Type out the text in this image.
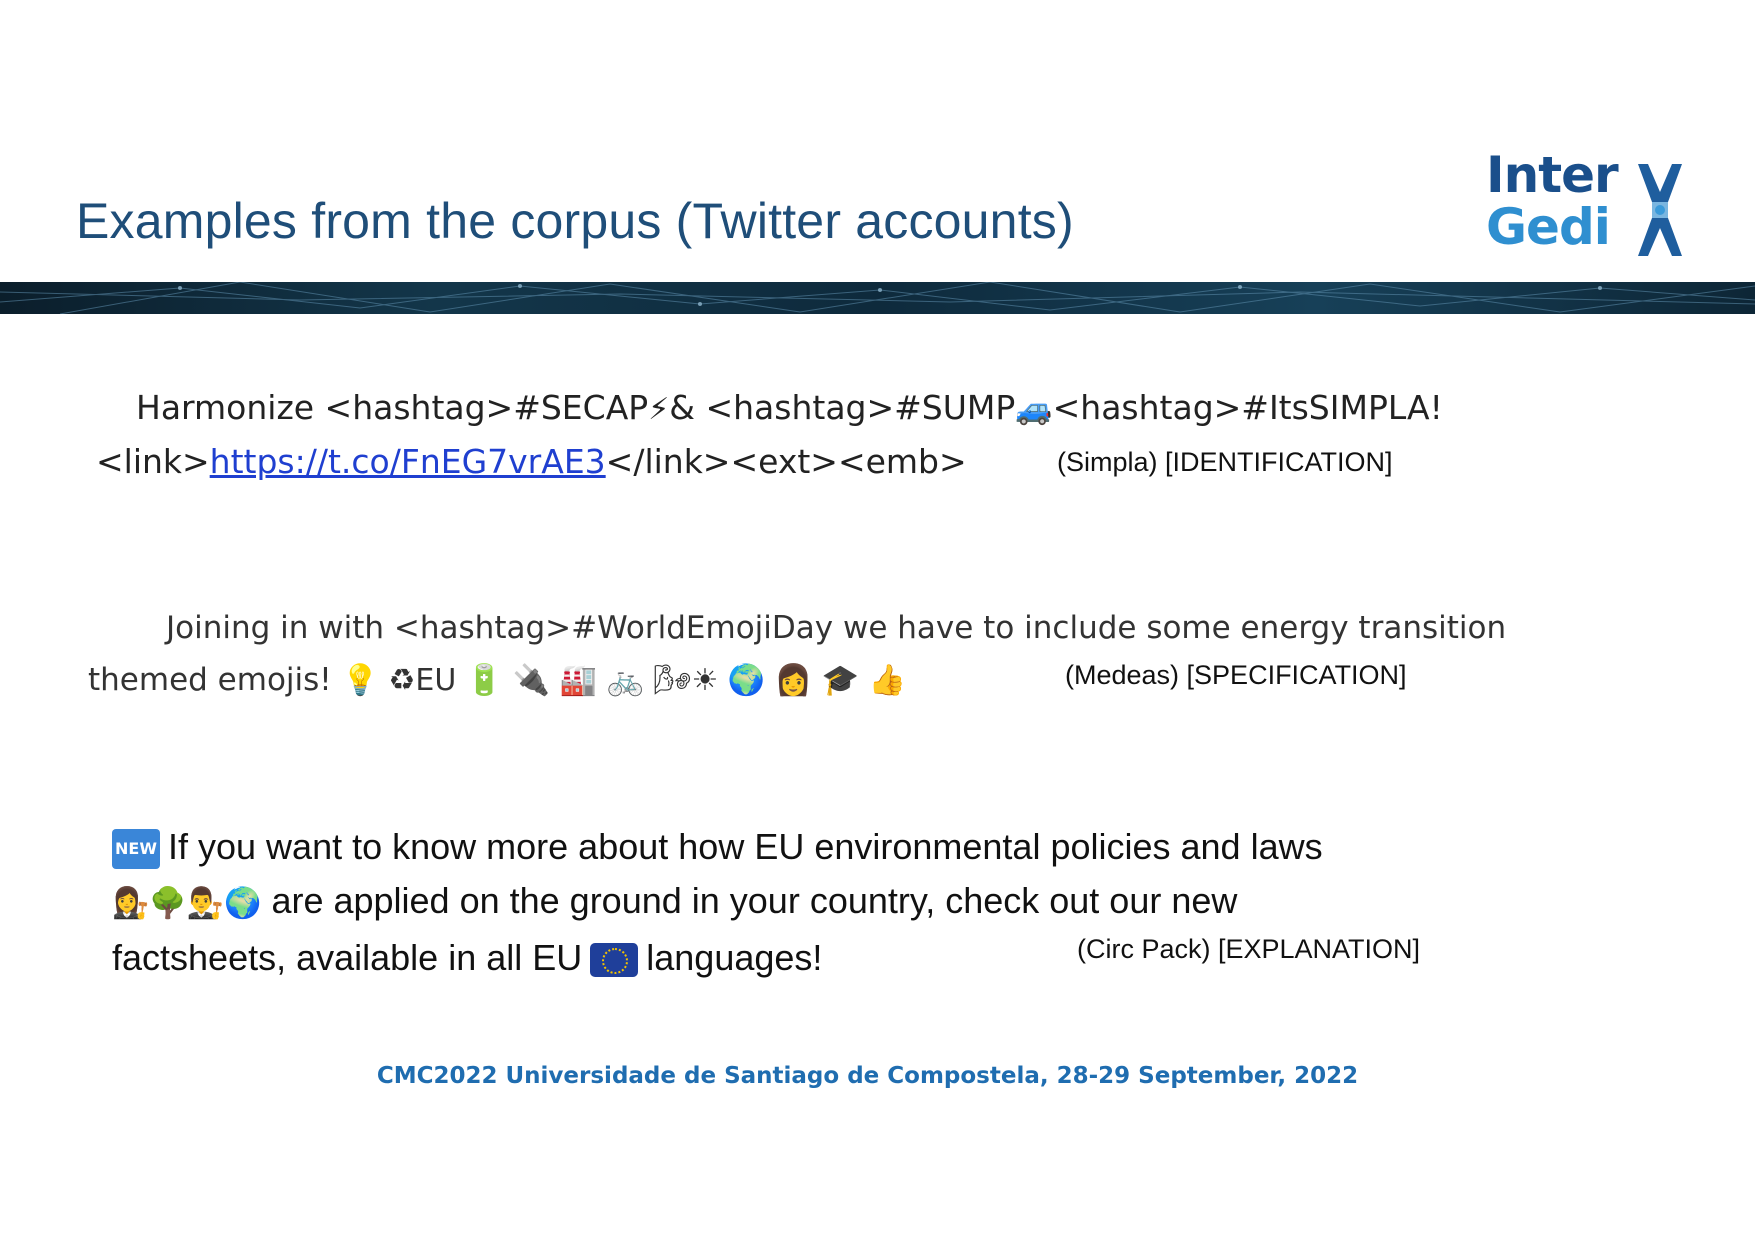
Examples from the corpus (Twitter accounts)
Inter
Gedi
Harmonize <hashtag>#SECAP⚡& <hashtag>#SUMP🚙<hashtag>#ItsSIMPLA!
<link>https://t.co/FnEG7vrAE3</link><ext><emb>	(Simpla) [IDENTIFICATION]
Joining in with <hashtag>#WorldEmojiDay we have to include some energy transition
themed emojis! 💡 ♻EU 🔋 🔌 🏭 🚲 🌬☀ 🌍 👩 🎓 👍	(Medeas) [SPECIFICATION]
NEW If you want to know more about how EU environmental policies and laws
👩‍⚖️🌳👨‍⚖️🌍 are applied on the ground in your country, check out our new
factsheets, available in all EU languages!	(Circ Pack) [EXPLANATION]
CMC2022 Universidade de Santiago de Compostela, 28-29 September, 2022
